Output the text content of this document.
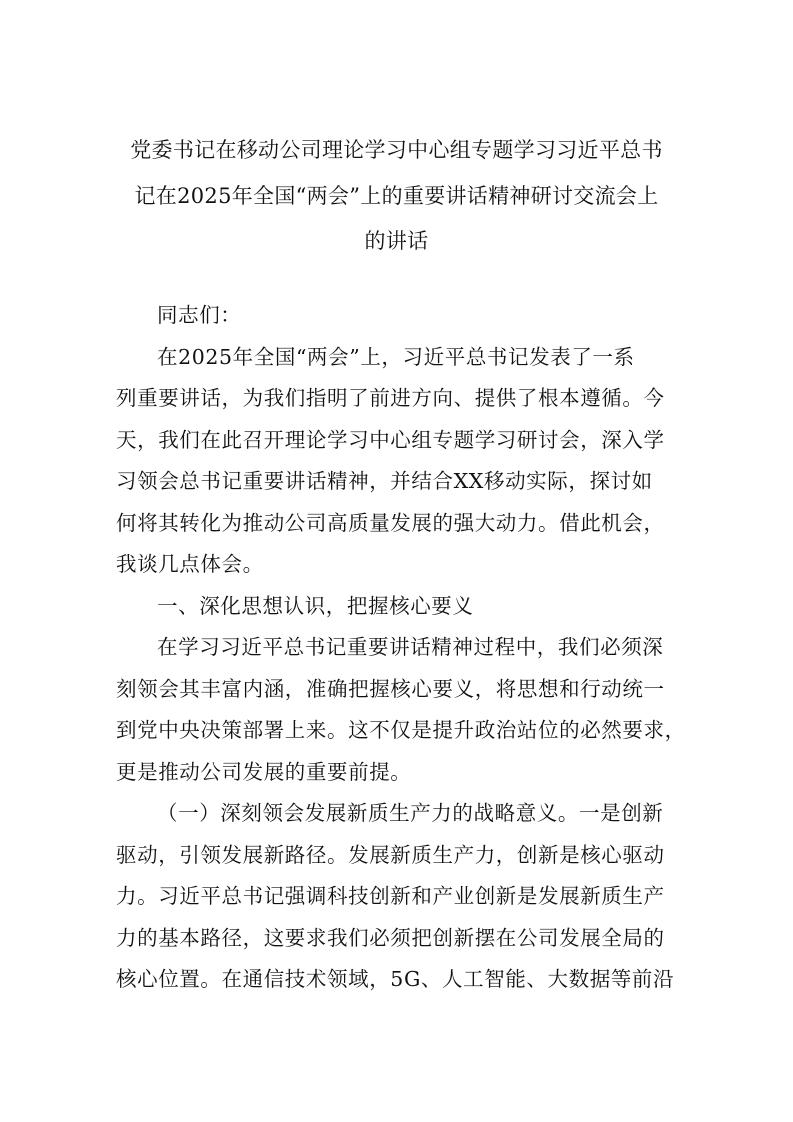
党委书记在移动公司理论学习中心组专题学习习近平总书
记在2025年全国“两会”上的重要讲话精神研讨交流会上
的讲话

同志们：

在2025年全国“两会”上，习近平总书记发表了一系
列重要讲话，为我们指明了前进方向、提供了根本遵循。今
天，我们在此召开理论学习中心组专题学习研讨会，深入学
习领会总书记重要讲话精神，并结合XX移动实际，探讨如
何将其转化为推动公司高质量发展的强大动力。借此机会，
我谈几点体会。

一、深化思想认识，把握核心要义

在学习习近平总书记重要讲话精神过程中，我们必须深
刻领会其丰富内涵，准确把握核心要义，将思想和行动统一
到党中央决策部署上来。这不仅是提升政治站位的必然要求，
更是推动公司发展的重要前提。

（一）深刻领会发展新质生产力的战略意义。一是创新
驱动，引领发展新路径。发展新质生产力，创新是核心驱动
力。习近平总书记强调科技创新和产业创新是发展新质生产
力的基本路径，这要求我们必须把创新摆在公司发展全局的
核心位置。在通信技术领域，5G、人工智能、大数据等前沿
